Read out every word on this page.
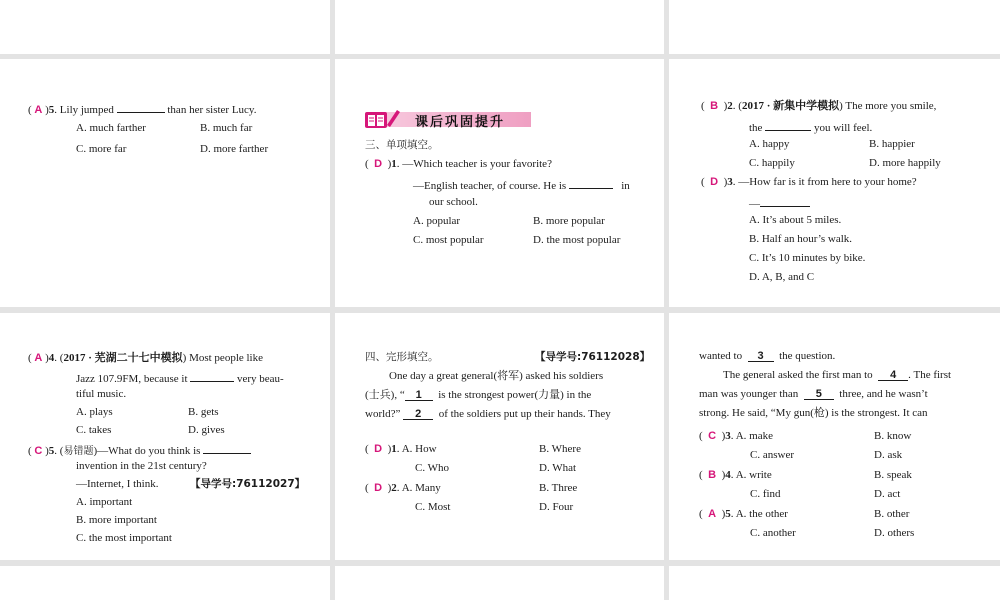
( A )5. Lily jumped	than her sister Lucy.
A. much farther	B. much far
C. more far	D. more farther
课后巩固提升
三、单项填空。
(  D  )1. —Which teacher is your favorite?
—English teacher, of course. He is	in
our school.
A. popular	B. more popular
C. most popular	D. the most popular
(  B  )2. (2017 · 新集中学模拟) The more you smile,
the	you will feel.
A. happy	B. happier
C. happily	D. more happily
(  D  )3. —How far is it from here to your home?
—
A. It’s about 5 miles.
B. Half an hour’s walk.
C. It’s 10 minutes by bike.
D. A, B, and C
( A )4. (2017 · 芜湖二十七中模拟) Most people like
Jazz 107.9FM, because it	very beau-
tiful music.
A. plays	B. gets
C. takes	D. gives
( C )5. (易错题)—What do you think is
invention in the 21st century?
—Internet, I think.	【导学号:76112027】
A. important
B. more important
C. the most important
四、完形填空。	【导学号:76112028】
One day a great general(将军) asked his soldiers
(士兵), “ 1 is the strongest power(力量) in the
world?” 2 of the soldiers put up their hands. They
(  D  )1. A. How	B. Where
C. Who	D. What
(  D  )2. A. Many	B. Three
C. Most	D. Four
wanted to 3 the question.
The general asked the first man to 4 . The first
man was younger than 5 three, and he wasn’t
strong. He said, “My gun(枪) is the strongest. It can
(  C  )3. A. make	B. know
C. answer	D. ask
(  B  )4. A. write	B. speak
C. find	D. act
(  A  )5. A. the other	B. other
C. another	D. others
